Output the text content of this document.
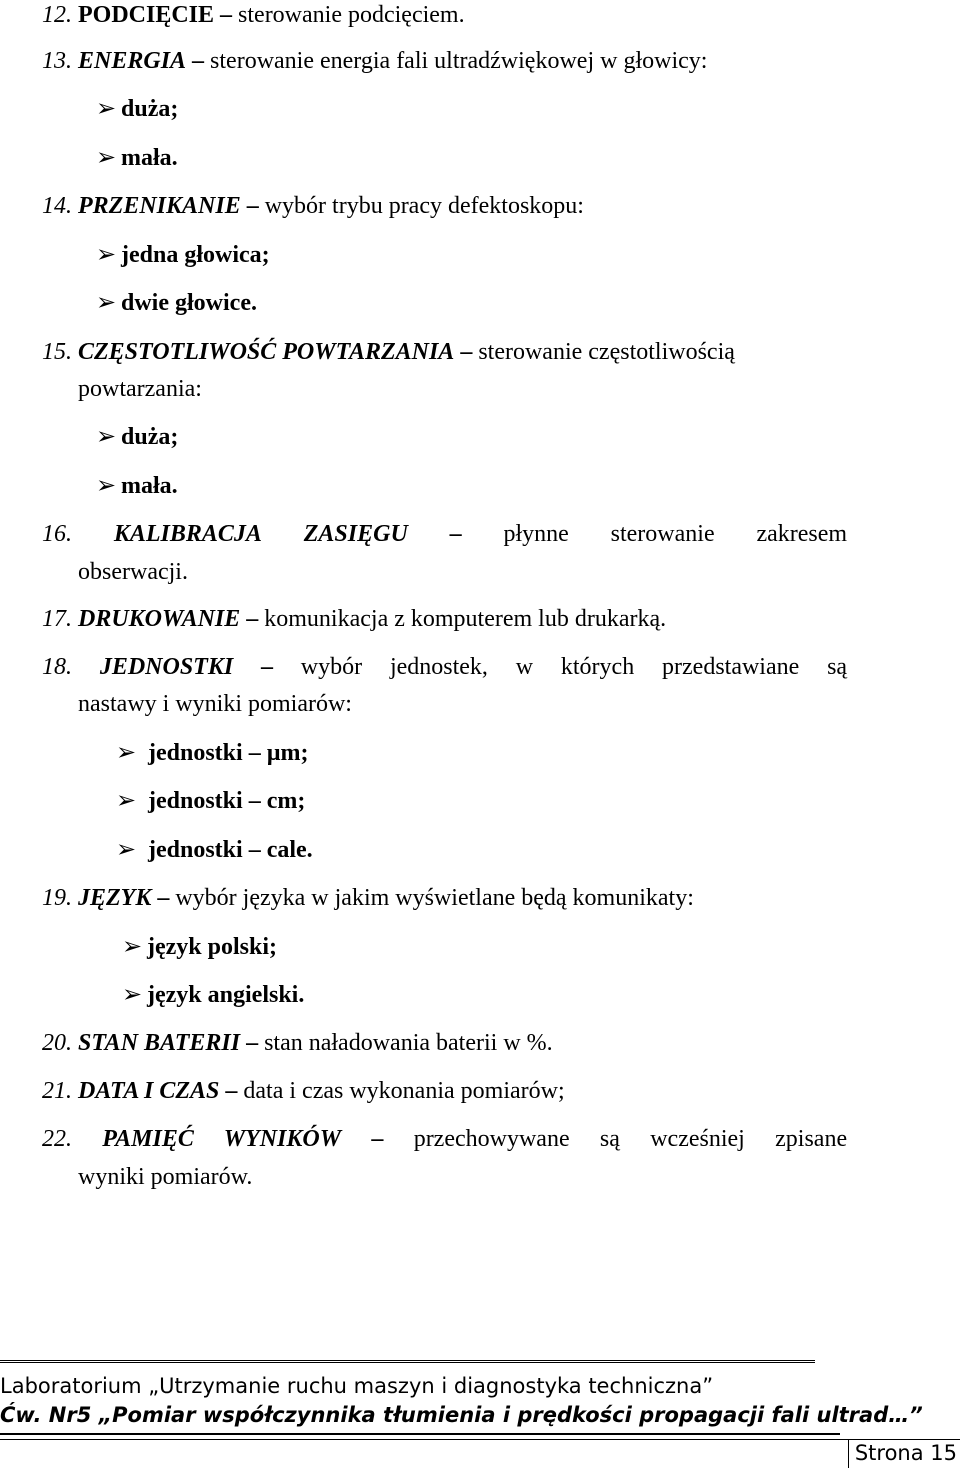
12. PODCIĘCIE – sterowanie podcięciem.
13. ENERGIA – sterowanie energia fali ultradźwiękowej w głowicy:
➢ duża;
➢ mała.
14. PRZENIKANIE – wybór trybu pracy defektoskopu:
➢ jedna głowica;
➢ dwie głowice.
15. CZĘSTOTLIWOŚĆ POWTARZANIA – sterowanie częstotliwością
powtarzania:
➢ duża;
➢ mała.
16. KALIBRACJA ZASIĘGU – płynne sterowanie zakresem
obserwacji.
17. DRUKOWANIE – komunikacja z komputerem lub drukarką.
18. JEDNOSTKI – wybór jednostek, w których przedstawiane są
nastawy i wyniki pomiarów:
➢ jednostki – µm;
➢ jednostki – cm;
➢ jednostki – cale.
19. JĘZYK – wybór języka w jakim wyświetlane będą komunikaty:
➢ język polski;
➢ język angielski.
20. STAN BATERII – stan naładowania baterii w %.
21. DATA I CZAS – data i czas wykonania pomiarów;
22. PAMIĘĆ WYNIKÓW – przechowywane są wcześniej zpisane
wyniki pomiarów.
Laboratorium „Utrzymanie ruchu maszyn i diagnostyka techniczna”
Ćw. Nr5 „Pomiar współczynnika tłumienia i prędkości propagacji fali ultrad…”
Strona 15
